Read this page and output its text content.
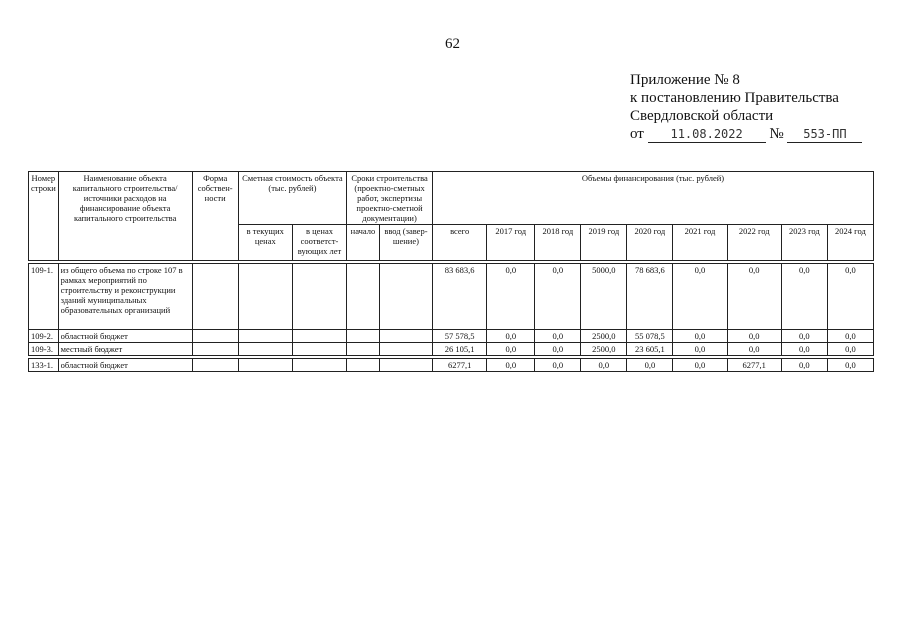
62
Приложение № 8
к постановлению Правительства
Свердловской области
от 11.08.2022 № 553-ПП
Номер строки	Наименование объекта капитального строительства/ источники расходов на финансирование объекта капитального строительства	Форма собствен-ности	Сметная стоимость объекта (тыс. рублей)		Сроки строительства (проектно-сметных работ, экспертизы проектно-сметной документации)		Объемы финансирования (тыс. рублей)								
			в текущих ценах	в ценах соответст-вующих лет	начало	ввод (завер-шение)	всего	2017 год	2018 год	2019 год	2020 год	2021 год	2022 год	2023 год	2024 год

109-1.	из общего объема по строке 107 в рамках мероприятий по строительству и реконструкции зданий муниципальных образовательных организаций						83 683,6	0,0	0,0	5000,0	78 683,6	0,0	0,0	0,0	0,0
109-2.	областной бюджет						57 578,5	0,0	0,0	2500,0	55 078,5	0,0	0,0	0,0	0,0
109-3.	местный бюджет						26 105,1	0,0	0,0	2500,0	23 605,1	0,0	0,0	0,0	0,0

133-1.	областной бюджет						6277,1	0,0	0,0	0,0	0,0	0,0	6277,1	0,0	0,0
